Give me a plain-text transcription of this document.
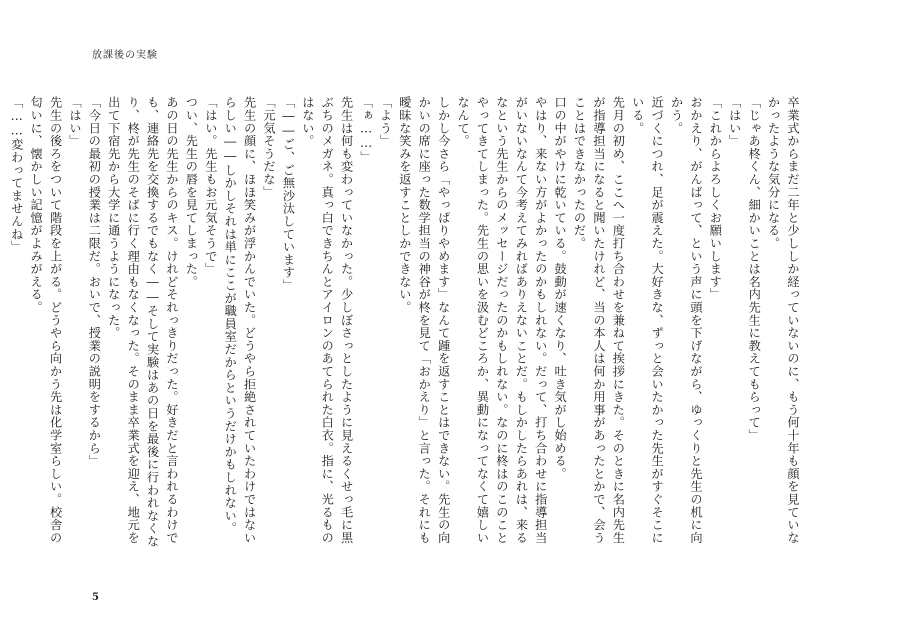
放課後の実験

卒業式からまだ二年と少ししか経っていないのに、もう何十年も顔を見ていなかったような気分になる。

「じゃあ柊くん、細かいことは名内先生に教えてもらって」

「はい」

「これからよろしくお願いします」

おかえり、がんばって、という声に頭を下げながら、ゆっくりと先生の机に向かう。

近づくにつれ、足が震えた。大好きな、ずっと会いたかった先生がすぐそこにいる。

先月の初め、ここへ一度打ち合わせを兼ねて挨拶にきた。そのときに名内先生が指導担当になると聞いたけれど、当の本人は何か用事があったとかで、会うことはできなかったのだ。

口の中がやけに乾いている。鼓動が速くなり、吐き気がし始める。

やはり、来ない方がよかったのかもしれない。だって、打ち合わせに指導担当がいないなんて今考えてみればありえないことだ。もしかしたらあれは、来るなという先生からのメッセージだったのかもしれない。なのに柊はのこのことやってきてしまった。先生の思いを汲むどころか、異動になってなくて嬉しいなんて。

しかし今さら「やっぱりやめます」なんて踵を返すことはできない。先生の向かいの席に座った数学担当の神谷が柊を見て「おかえり」と言った。それにも曖昧な笑みを返すことしかできない。

「よう」

「ぁ……」

先生は何も変わっていなかった。少しぼさっとしたように見えるくせっ毛に黒ぶちのメガネ。真っ白できちんとアイロンのあてられた白衣。指に、光るものはない。

「――ご、ご無沙汰しています」

「元気そうだな」

先生の顔に、ほほ笑みが浮かんでいた。どうやら拒絶されていたわけではないらしい――しかしそれは単にここが職員室だからというだけかもしれない。

「はい。先生もお元気そうで」

つい、先生の唇を見てしまった。

あの日の先生からのキス。けれどそれっきりだった。好きだと言われるわけでも、連絡先を交換するでもなく――そして実験はあの日を最後に行われなくなり、柊が先生のそばに行く理由もなくなった。そのまま卒業式を迎え、地元を出て下宿先から大学に通うようになった。

「今日の最初の授業は二限だ。おいで、授業の説明をするから」

「はい」

先生の後ろをついて階段を上がる。どうやら向かう先は化学室らしい。校舎の匂いに、懐かしい記憶がよみがえる。

「……変わってませんね」

5
